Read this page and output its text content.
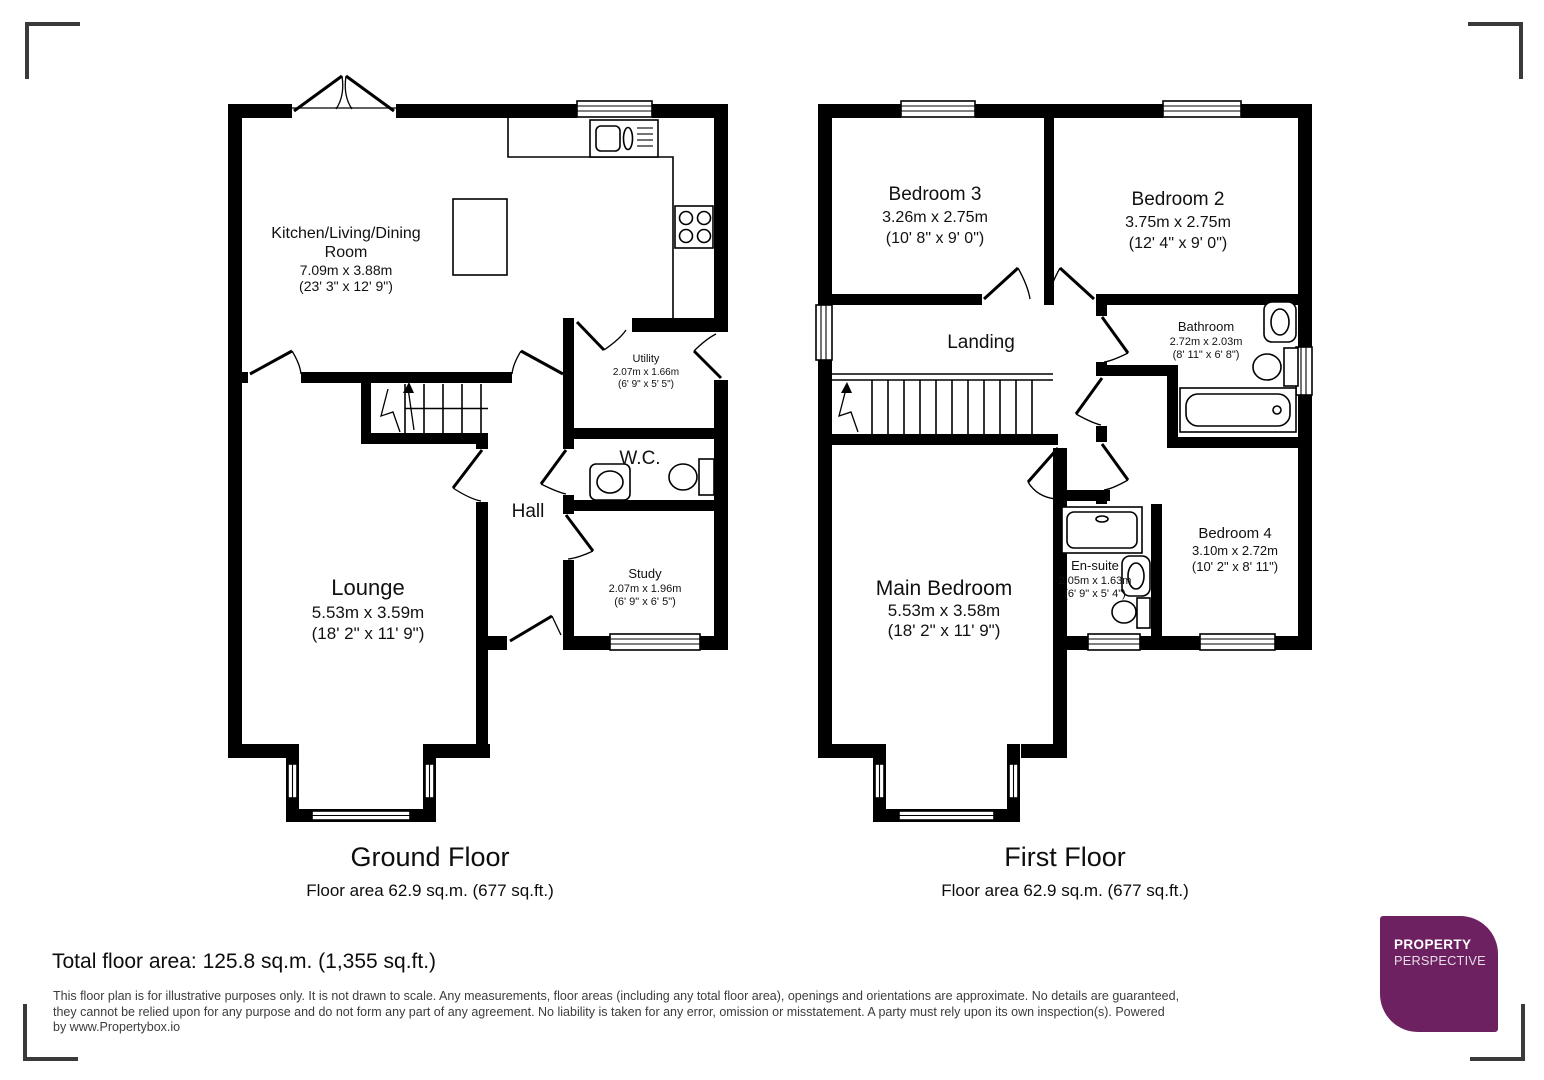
Kitchen/Living/Dining
Room
7.09m x 3.88m
(23' 3" x 12' 9")
Utility
2.07m x 1.66m
(6' 9" x 5' 5")
Lounge
5.53m x 3.59m
(18' 2" x 11' 9")
Hall
W.C.
Study
2.07m x 1.96m
(6' 9" x 6' 5")
Bedroom 3
3.26m x 2.75m
(10' 8" x 9' 0")
Bedroom 2
3.75m x 2.75m
(12' 4" x 9' 0")
Landing
Bathroom
2.72m x 2.03m
(8' 11" x 6' 8")
Main Bedroom
5.53m x 3.58m
(18' 2" x 11' 9")
En-suite
2.05m x 1.63m
(6' 9" x 5' 4")
Bedroom 4
3.10m x 2.72m
(10' 2" x 8' 11")
Ground Floor
Floor area 62.9 sq.m. (677 sq.ft.)
First Floor
Floor area 62.9 sq.m. (677 sq.ft.)
Total floor area: 125.8 sq.m. (1,355 sq.ft.)
This floor plan is for illustrative purposes only. It is not drawn to scale. Any measurements, floor areas (including any total floor area), openings and orientations are approximate. No details are guaranteed,
they cannot be relied upon for any purpose and do not form any part of any agreement. No liability is taken for any error, omission or misstatement. A party must rely upon its own inspection(s). Powered
by www.Propertybox.io
PROPERTY
PERSPECTIVE
